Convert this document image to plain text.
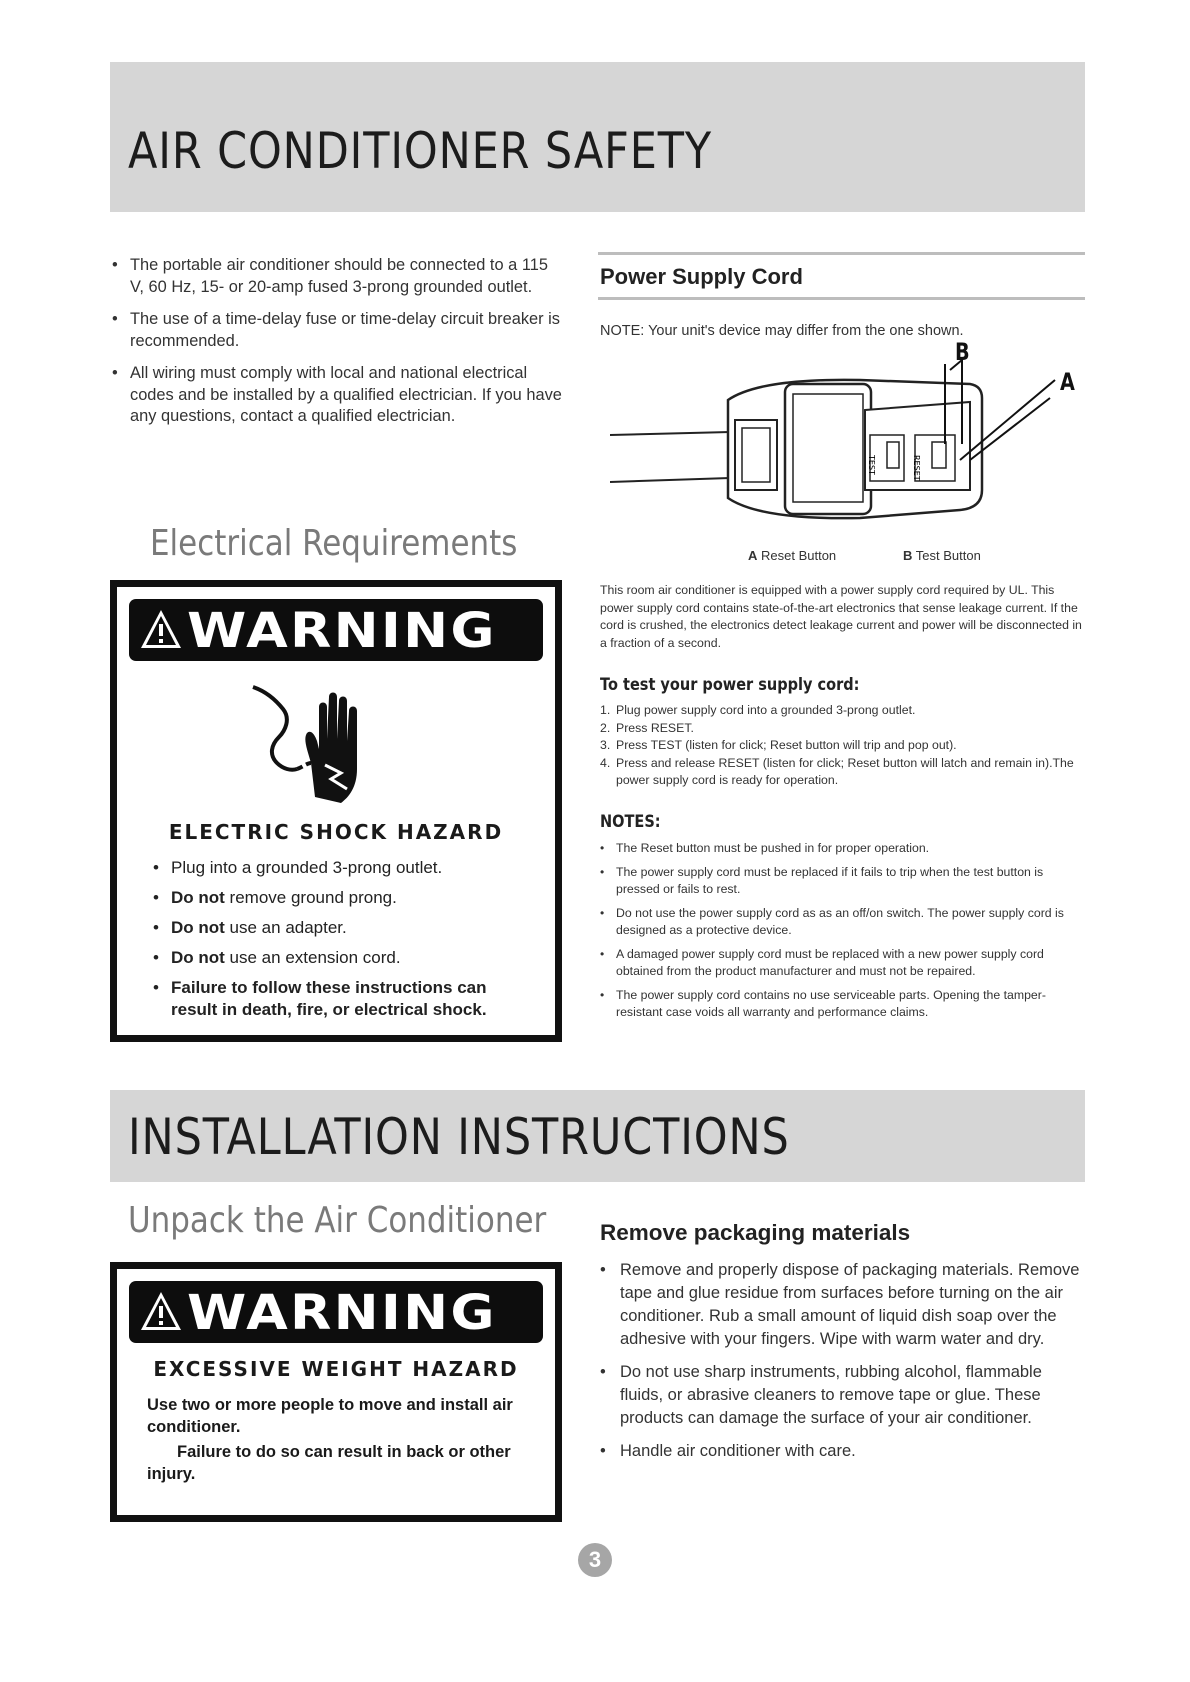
AIR CONDITIONER SAFETY
• The portable air conditioner should be connected to a 115 V, 60 Hz, 15- or 20-amp fused 3-prong grounded outlet.
• The use of a time-delay fuse or time-delay circuit breaker is recommended.
• All wiring must comply with local and national electrical codes and be installed by a qualified electrician. If you have any questions, contact a qualified electrician.
Electrical Requirements
WARNING
ELECTRIC SHOCK HAZARD
• Plug into a grounded 3-prong outlet.
• Do not remove ground prong.
• Do not use an adapter.
• Do not use an extension cord.
• Failure to follow these instructions can result in death, fire, or electrical shock.
Power Supply Cord
NOTE: Your unit's device may differ from the one shown.
TEST	RESET
B
A
A Reset Button	B Test Button

This room air conditioner is equipped with a power supply cord required by UL. This power supply cord contains state-of-the-art electronics that sense leakage current. If the cord is crushed, the electronics detect leakage current and power will be disconnected in a fraction of a second.

To test your power supply cord:
1. Plug power supply cord into a grounded 3-prong outlet.
2. Press RESET.
3. Press TEST (listen for click; Reset button will trip and pop out).
4. Press and release RESET (listen for click; Reset button will latch and remain in).The power supply cord is ready for operation.
NOTES:
• The Reset button must be pushed in for proper operation.
• The power supply cord must be replaced if it fails to trip when the test button is pressed or fails to rest.
• Do not use the power supply cord as as an off/on switch. The power supply cord is designed as a protective device.
• A damaged power supply cord must be replaced with a new power supply cord obtained from the product manufacturer and must not be repaired.
• The power supply cord contains no use serviceable parts. Opening the tamper-resistant case voids all warranty and performance claims.
INSTALLATION INSTRUCTIONS
Unpack the Air Conditioner
WARNING
EXCESSIVE WEIGHT HAZARD

Use two or more people to move and install air conditioner.

Failure to do so can result in back or other injury.

Remove packaging materials
• Remove and properly dispose of packaging materials. Remove tape and glue residue from surfaces before turning on the air conditioner. Rub a small amount of liquid dish soap over the adhesive with your fingers. Wipe with warm water and dry.
• Do not use sharp instruments, rubbing alcohol, flammable fluids, or abrasive cleaners to remove tape or glue. These products can damage the surface of your air conditioner.
• Handle air conditioner with care.
3
